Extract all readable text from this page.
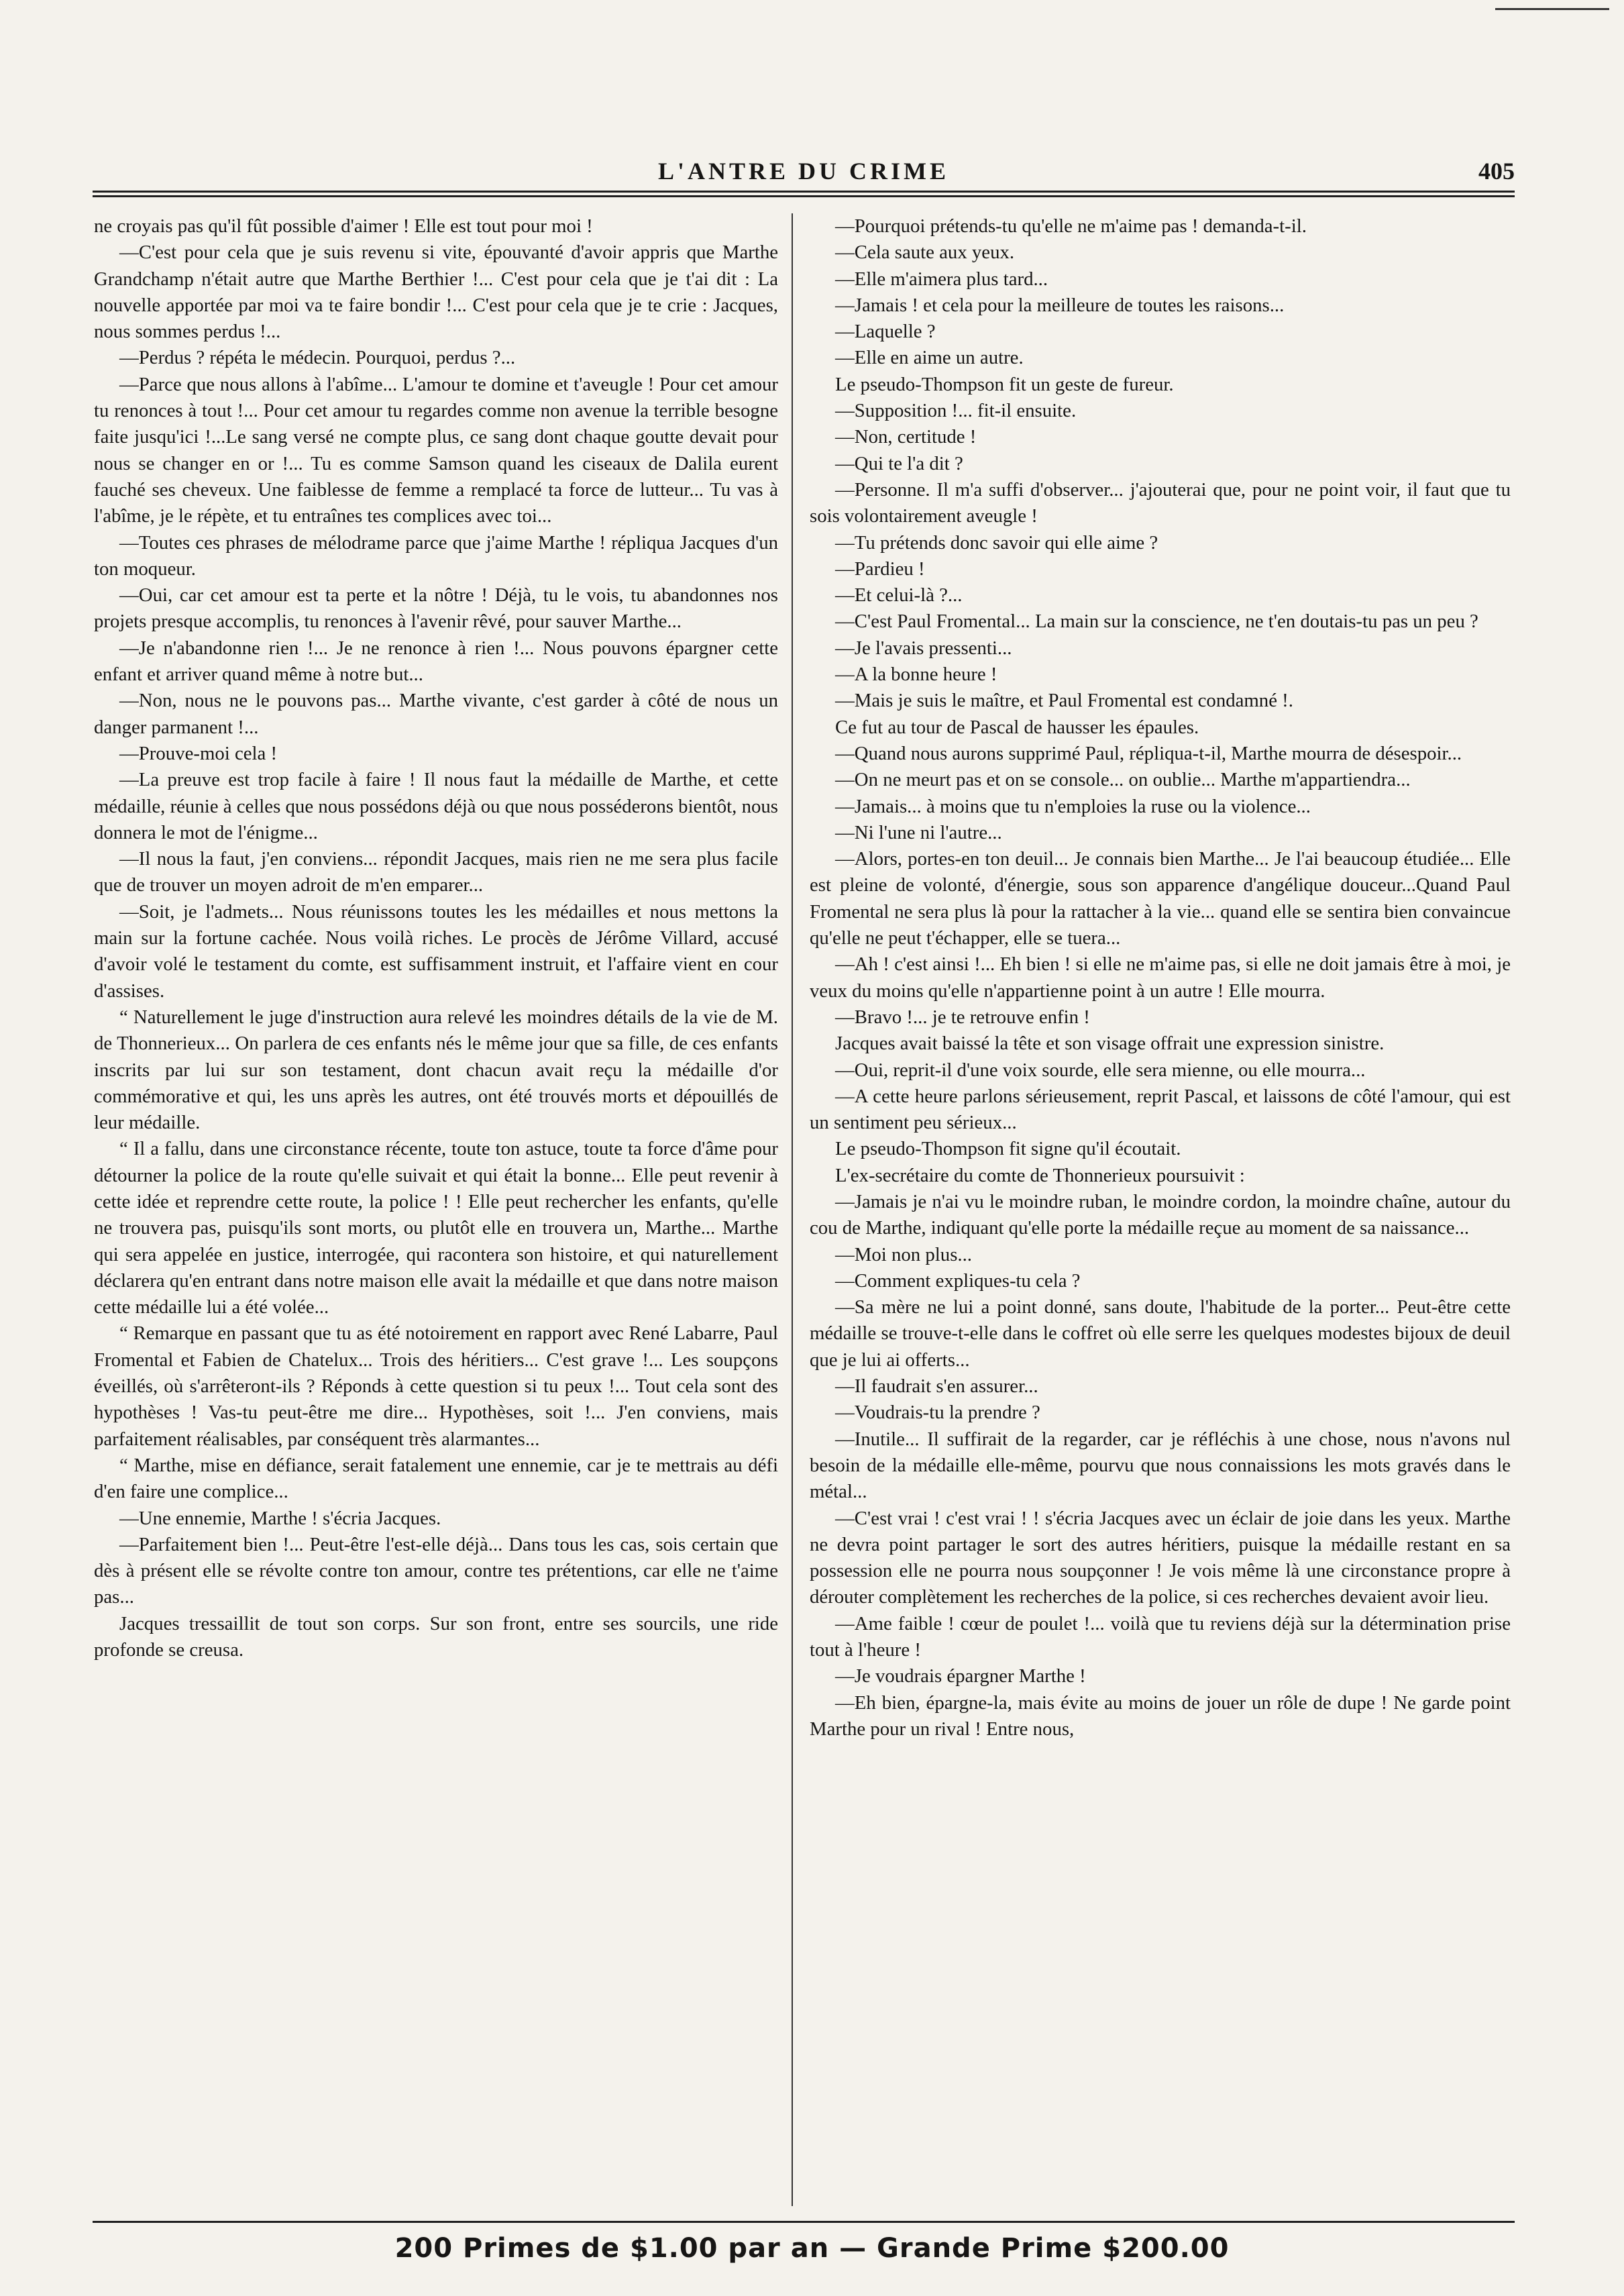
L'ANTRE DU CRIME	405

ne croyais pas qu'il fût possible d'aimer ! Elle est tout pour moi !

—C'est pour cela que je suis revenu si vite, épouvanté d'avoir appris que Marthe Grandchamp n'était autre que Marthe Berthier !... C'est pour cela que je t'ai dit : La nouvelle apportée par moi va te faire bondir !... C'est pour cela que je te crie : Jacques, nous sommes perdus !...

—Perdus ? répéta le médecin. Pourquoi, perdus ?...

—Parce que nous allons à l'abîme... L'amour te domine et t'aveugle ! Pour cet amour tu renonces à tout !... Pour cet amour tu regardes comme non avenue la terrible besogne faite jusqu'ici !...Le sang versé ne compte plus, ce sang dont chaque goutte devait pour nous se changer en or !... Tu es comme Samson quand les ciseaux de Dalila eurent fauché ses cheveux. Une faiblesse de femme a remplacé ta force de lutteur... Tu vas à l'abîme, je le répète, et tu entraînes tes complices avec toi...

—Toutes ces phrases de mélodrame parce que j'aime Marthe ! répliqua Jacques d'un ton moqueur.

—Oui, car cet amour est ta perte et la nôtre ! Déjà, tu le vois, tu abandonnes nos projets presque accomplis, tu renonces à l'avenir rêvé, pour sauver Marthe...

—Je n'abandonne rien !... Je ne renonce à rien !... Nous pouvons épargner cette enfant et arriver quand même à notre but...

—Non, nous ne le pouvons pas... Marthe vivante, c'est garder à côté de nous un danger parmanent !...

—Prouve-moi cela !

—La preuve est trop facile à faire ! Il nous faut la médaille de Marthe, et cette médaille, réunie à celles que nous possédons déjà ou que nous posséderons bientôt, nous donnera le mot de l'énigme...

—Il nous la faut, j'en conviens... répondit Jacques, mais rien ne me sera plus facile que de trouver un moyen adroit de m'en emparer...

—Soit, je l'admets... Nous réunissons toutes les les médailles et nous mettons la main sur la fortune cachée. Nous voilà riches. Le procès de Jérôme Villard, accusé d'avoir volé le testament du comte, est suffisamment instruit, et l'affaire vient en cour d'assises.

“ Naturellement le juge d'instruction aura relevé les moindres détails de la vie de M. de Thonnerieux... On parlera de ces enfants nés le même jour que sa fille, de ces enfants inscrits par lui sur son testament, dont chacun avait reçu la médaille d'or commémorative et qui, les uns après les autres, ont été trouvés morts et dépouillés de leur médaille.

“ Il a fallu, dans une circonstance récente, toute ton astuce, toute ta force d'âme pour détourner la police de la route qu'elle suivait et qui était la bonne... Elle peut revenir à cette idée et reprendre cette route, la police ! ! Elle peut rechercher les enfants, qu'elle ne trouvera pas, puisqu'ils sont morts, ou plutôt elle en trouvera un, Marthe... Marthe qui sera appelée en justice, interrogée, qui racontera son histoire, et qui naturellement déclarera qu'en entrant dans notre maison elle avait la médaille et que dans notre maison cette médaille lui a été volée...

“ Remarque en passant que tu as été notoirement en rapport avec René Labarre, Paul Fromental et Fabien de Chatelux... Trois des héritiers... C'est grave !... Les soupçons éveillés, où s'arrêteront-ils ? Réponds à cette question si tu peux !... Tout cela sont des hypothèses ! Vas-tu peut-être me dire... Hypothèses, soit !... J'en conviens, mais parfaitement réalisables, par conséquent très alarmantes...

“ Marthe, mise en défiance, serait fatalement une ennemie, car je te mettrais au défi d'en faire une complice...

—Une ennemie, Marthe ! s'écria Jacques.

—Parfaitement bien !... Peut-être l'est-elle déjà... Dans tous les cas, sois certain que dès à présent elle se révolte contre ton amour, contre tes prétentions, car elle ne t'aime pas...

Jacques tressaillit de tout son corps. Sur son front, entre ses sourcils, une ride profonde se creusa.

—Pourquoi prétends-tu qu'elle ne m'aime pas ! demanda-t-il.

—Cela saute aux yeux.

—Elle m'aimera plus tard...

—Jamais ! et cela pour la meilleure de toutes les raisons...

—Laquelle ?

—Elle en aime un autre.

Le pseudo-Thompson fit un geste de fureur.

—Supposition !... fit-il ensuite.

—Non, certitude !

—Qui te l'a dit ?

—Personne. Il m'a suffi d'observer... j'ajouterai que, pour ne point voir, il faut que tu sois volontairement aveugle !

—Tu prétends donc savoir qui elle aime ?

—Pardieu !

—Et celui-là ?...

—C'est Paul Fromental... La main sur la conscience, ne t'en doutais-tu pas un peu ?

—Je l'avais pressenti...

—A la bonne heure !

—Mais je suis le maître, et Paul Fromental est condamné !.

Ce fut au tour de Pascal de hausser les épaules.

—Quand nous aurons supprimé Paul, répliqua-t-il, Marthe mourra de désespoir...

—On ne meurt pas et on se console... on oublie... Marthe m'appartiendra...

—Jamais... à moins que tu n'emploies la ruse ou la violence...

—Ni l'une ni l'autre...

—Alors, portes-en ton deuil... Je connais bien Marthe... Je l'ai beaucoup étudiée... Elle est pleine de volonté, d'énergie, sous son apparence d'angélique douceur...Quand Paul Fromental ne sera plus là pour la rattacher à la vie... quand elle se sentira bien convaincue qu'elle ne peut t'échapper, elle se tuera...

—Ah ! c'est ainsi !... Eh bien ! si elle ne m'aime pas, si elle ne doit jamais être à moi, je veux du moins qu'elle n'appartienne point à un autre ! Elle mourra.

—Bravo !... je te retrouve enfin !

Jacques avait baissé la tête et son visage offrait une expression sinistre.

—Oui, reprit-il d'une voix sourde, elle sera mienne, ou elle mourra...

—A cette heure parlons sérieusement, reprit Pascal, et laissons de côté l'amour, qui est un sentiment peu sérieux...

Le pseudo-Thompson fit signe qu'il écoutait.

L'ex-secrétaire du comte de Thonnerieux poursuivit :

—Jamais je n'ai vu le moindre ruban, le moindre cordon, la moindre chaîne, autour du cou de Marthe, indiquant qu'elle porte la médaille reçue au moment de sa naissance...

—Moi non plus...

—Comment expliques-tu cela ?

—Sa mère ne lui a point donné, sans doute, l'habitude de la porter... Peut-être cette médaille se trouve-t-elle dans le coffret où elle serre les quelques modestes bijoux de deuil que je lui ai offerts...

—Il faudrait s'en assurer...

—Voudrais-tu la prendre ?

—Inutile... Il suffirait de la regarder, car je réfléchis à une chose, nous n'avons nul besoin de la médaille elle-même, pourvu que nous connaissions les mots gravés dans le métal...

—C'est vrai ! c'est vrai ! ! s'écria Jacques avec un éclair de joie dans les yeux. Marthe ne devra point partager le sort des autres héritiers, puisque la médaille restant en sa possession elle ne pourra nous soupçonner ! Je vois même là une circonstance propre à dérouter complètement les recherches de la police, si ces recherches devaient avoir lieu.

—Ame faible ! cœur de poulet !... voilà que tu reviens déjà sur la détermination prise tout à l'heure !

—Je voudrais épargner Marthe !

—Eh bien, épargne-la, mais évite au moins de jouer un rôle de dupe ! Ne garde point Marthe pour un rival ! Entre nous,

200 Primes de $1.00 par an — Grande Prime $200.00
